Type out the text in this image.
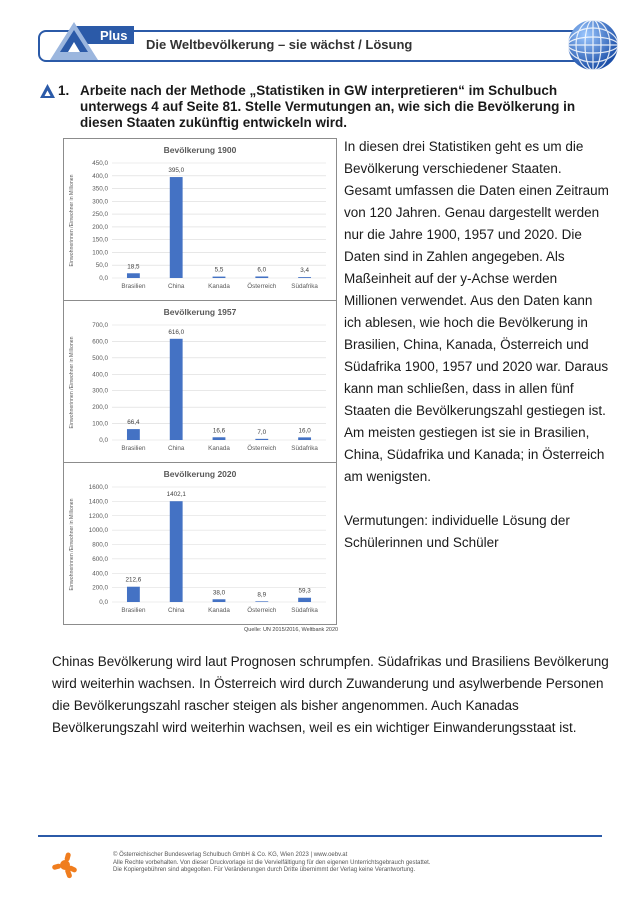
Plus
Die Weltbevölkerung – sie wächst / Lösung
1. Arbeite nach der Methode „Statistiken in GW interpretieren“ im Schulbuch unterwegs 4 auf Seite 81. Stelle Vermutungen an, wie sich die Bevölkerung in diesen Staaten zukünftig entwickeln wird.
Bevölkerung 1900
Einwohnerinnen /Einwohner in Millionen
0,0
50,0
100,0
150,0
200,0
250,0
300,0
350,0
400,0
450,0
18,5
Brasilien
395,0
China
5,5
Kanada
6,0
Österreich
3,4
Südafrika
Bevölkerung 1957
Einwohnerinnen /Einwohner in Millionen
0,0
100,0
200,0
300,0
400,0
500,0
600,0
700,0
66,4
Brasilien
616,0
China
16,6
Kanada
7,0
Österreich
16,0
Südafrika
Bevölkerung 2020
Einwohnerinnen /Einwohner in Millionen
0,0
200,0
400,0
600,0
800,0
1000,0
1200,0
1400,0
1600,0
212,6
Brasilien
1402,1
China
38,0
Kanada
8,9
Österreich
59,3
Südafrika
Quelle: UN 2015/2016, Weltbank 2020

In diesen drei Statistiken geht es um die Bevölkerung verschiedener Staaten. Gesamt umfassen die Daten einen Zeitraum von 120 Jahren. Genau dargestellt werden nur die Jahre 1900, 1957 und 2020. Die Daten sind in Zahlen angegeben. Als Maßeinheit auf der y-Achse werden Millionen verwendet. Aus den Daten kann ich ablesen, wie hoch die Bevölkerung in Brasilien, China, Kanada, Österreich und Südafrika 1900, 1957 und 2020 war. Daraus kann man schließen, dass in allen fünf Staaten die Bevölkerungszahl gestiegen ist. Am meisten gestiegen ist sie in Brasilien, China, Südafrika und Kanada; in Österreich am wenigsten.

Vermutungen: individuelle Lösung der Schülerinnen und Schüler

Chinas Bevölkerung wird laut Prognosen schrumpfen. Südafrikas und Brasiliens Bevölkerung wird weiterhin wachsen. In Österreich wird durch Zuwanderung und asylwerbende Personen die Bevölkerungszahl rascher steigen als bisher angenommen. Auch Kanadas Bevölkerungszahl wird weiterhin wachsen, weil es ein wichtiger Einwanderungsstaat ist.
© Österreichischer Bundesverlag Schulbuch GmbH & Co. KG, Wien 2023 | www.oebv.at
Alle Rechte vorbehalten. Von dieser Druckvorlage ist die Vervielfältigung für den eigenen Unterrichtsgebrauch gestattet.
Die Kopiergebühren sind abgegolten. Für Veränderungen durch Dritte übernimmt der Verlag keine Verantwortung.
